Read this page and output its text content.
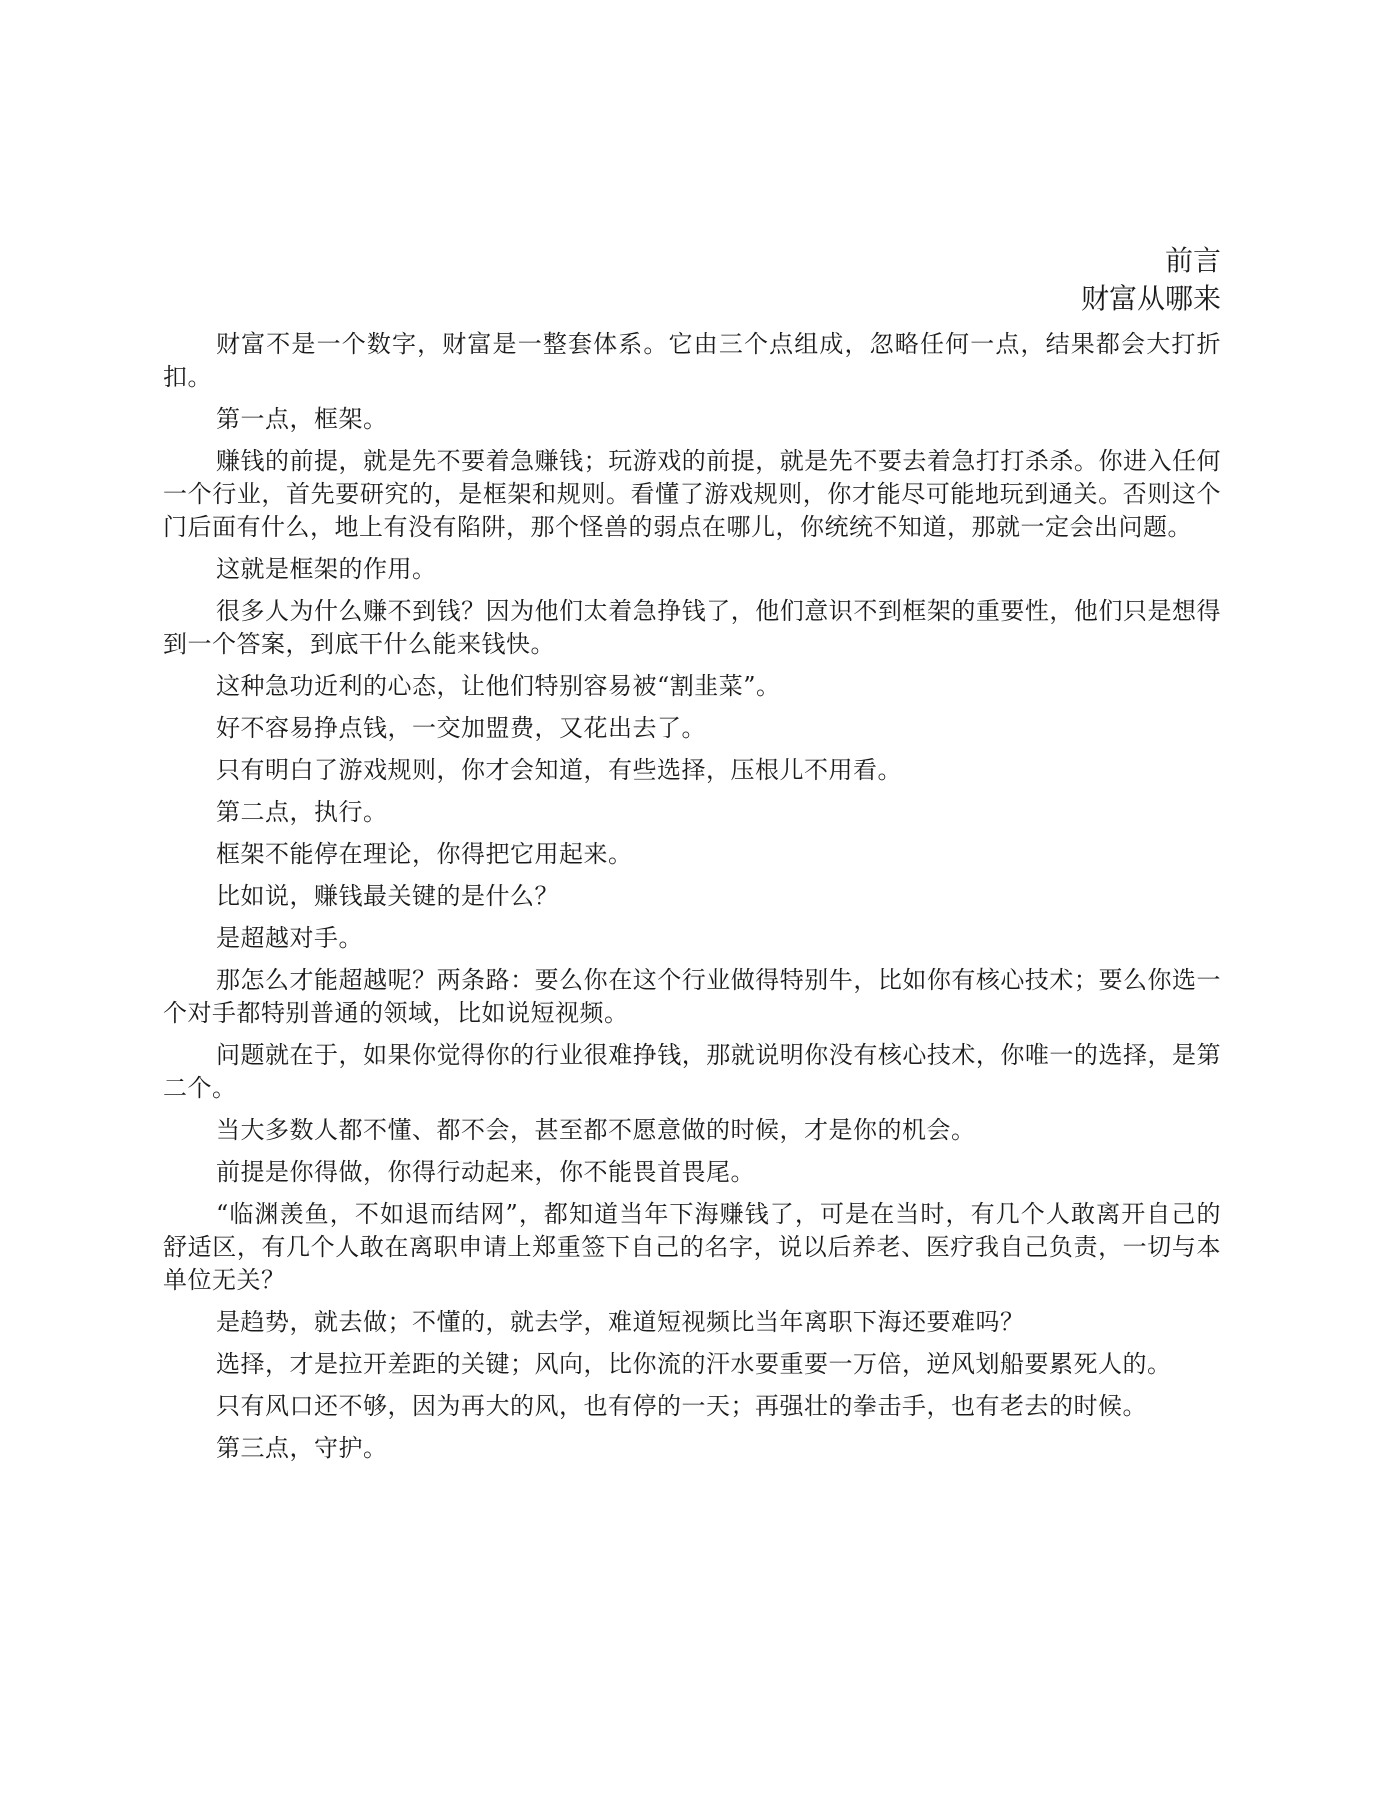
前言
财富从哪来

财富不是一个数字，财富是一整套体系。它由三个点组成，忽略任何一点，结果都会大打折扣。

第一点，框架。

赚钱的前提，就是先不要着急赚钱；玩游戏的前提，就是先不要去着急打打杀杀。你进入任何一个行业，首先要研究的，是框架和规则。看懂了游戏规则，你才能尽可能地玩到通关。否则这个门后面有什么，地上有没有陷阱，那个怪兽的弱点在哪儿，你统统不知道，那就一定会出问题。

这就是框架的作用。

很多人为什么赚不到钱？因为他们太着急挣钱了，他们意识不到框架的重要性，他们只是想得到一个答案，到底干什么能来钱快。

这种急功近利的心态，让他们特别容易被“割韭菜”。

好不容易挣点钱，一交加盟费，又花出去了。

只有明白了游戏规则，你才会知道，有些选择，压根儿不用看。

第二点，执行。

框架不能停在理论，你得把它用起来。

比如说，赚钱最关键的是什么？

是超越对手。

那怎么才能超越呢？两条路：要么你在这个行业做得特别牛，比如你有核心技术；要么你选一个对手都特别普通的领域，比如说短视频。

问题就在于，如果你觉得你的行业很难挣钱，那就说明你没有核心技术，你唯一的选择，是第二个。

当大多数人都不懂、都不会，甚至都不愿意做的时候，才是你的机会。

前提是你得做，你得行动起来，你不能畏首畏尾。

“临渊羡鱼，不如退而结网”，都知道当年下海赚钱了，可是在当时，有几个人敢离开自己的舒适区，有几个人敢在离职申请上郑重签下自己的名字，说以后养老、医疗我自己负责，一切与本单位无关？

是趋势，就去做；不懂的，就去学，难道短视频比当年离职下海还要难吗？

选择，才是拉开差距的关键；风向，比你流的汗水要重要一万倍，逆风划船要累死人的。

只有风口还不够，因为再大的风，也有停的一天；再强壮的拳击手，也有老去的时候。

第三点，守护。
